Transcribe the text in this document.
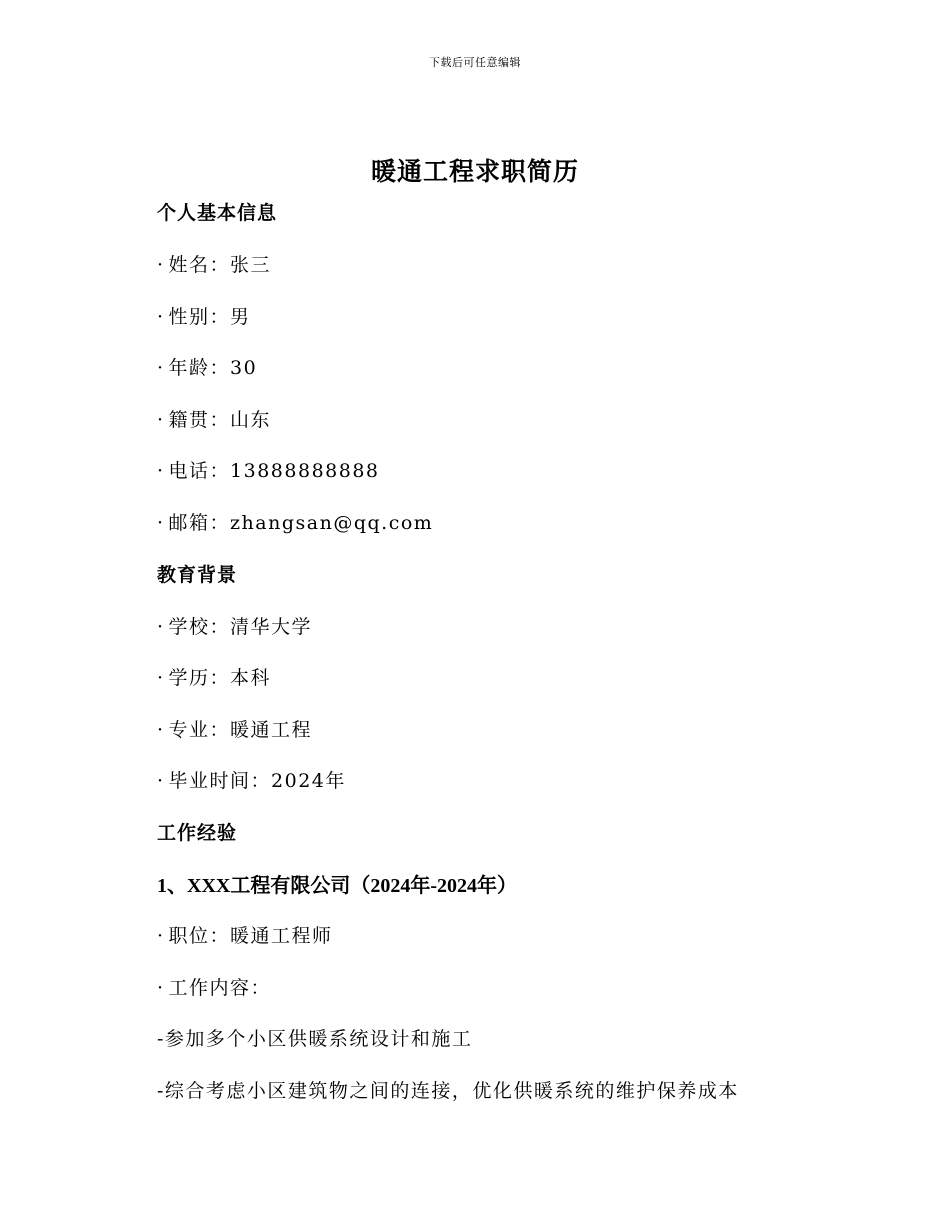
下载后可任意编辑
暖通工程求职简历
个人基本信息
· 姓名：张三
· 性别：男
· 年龄：30
· 籍贯：山东
· 电话：13888888888
· 邮箱：zhangsan@qq.com
教育背景
· 学校：清华大学
· 学历：本科
· 专业：暖通工程
· 毕业时间：2024年
工作经验
1、XXX工程有限公司（2024年-2024年）
· 职位：暖通工程师
· 工作内容：
-参加多个小区供暖系统设计和施工
-综合考虑小区建筑物之间的连接，优化供暖系统的维护保养成本
